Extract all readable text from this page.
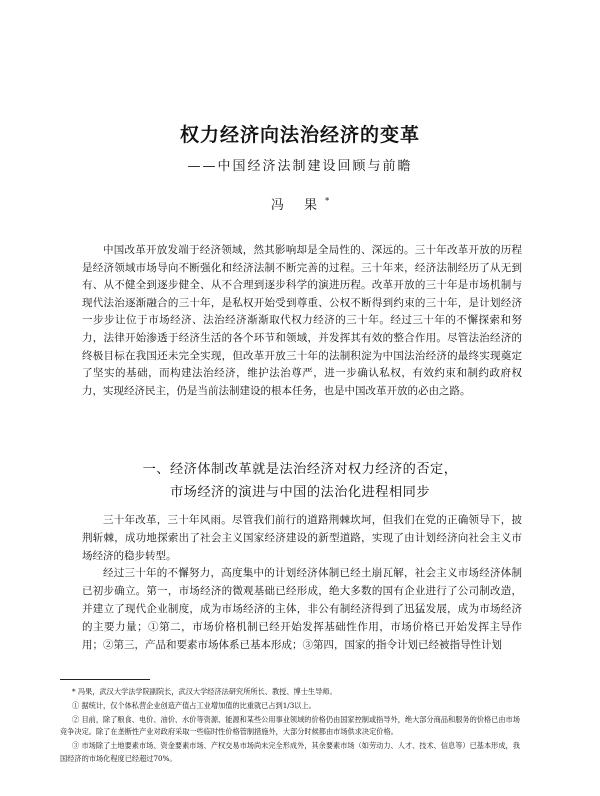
权力经济向法治经济的变革
——中国经济法制建设回顾与前瞻
冯 果*

中国改革开放发端于经济领域，然其影响却是全局性的、深远的。三十年改革开放的历程是经济领域市场导向不断强化和经济法制不断完善的过程。三十年来，经济法制经历了从无到有、从不健全到逐步健全、从不合理到逐步科学的演进历程。改革开放的三十年是市场机制与现代法治逐渐融合的三十年，是私权开始受到尊重、公权不断得到约束的三十年，是计划经济一步步让位于市场经济、法治经济渐渐取代权力经济的三十年。经过三十年的不懈探索和努力，法律开始渗透于经济生活的各个环节和领域，并发挥其有效的整合作用。尽管法治经济的终极目标在我国还未完全实现，但改革开放三十年的法制积淀为中国法治经济的最终实现奠定了坚实的基础，而构建法治经济，维护法治尊严，进一步确认私权，有效约束和制约政府权力，实现经济民主，仍是当前法制建设的根本任务，也是中国改革开放的必由之路。

一、经济体制改革就是法治经济对权力经济的否定，
市场经济的演进与中国的法治化进程相同步

三十年改革，三十年风雨。尽管我们前行的道路荆棘坎坷，但我们在党的正确领导下，披荆斩棘，成功地探索出了社会主义国家经济建设的新型道路，实现了由计划经济向社会主义市场经济的稳步转型。

经过三十年的不懈努力，高度集中的计划经济体制已经土崩瓦解，社会主义市场经济体制已初步确立。第一，市场经济的微观基础已经形成，绝大多数的国有企业进行了公司制改造，并建立了现代企业制度，成为市场经济的主体，非公有制经济得到了迅猛发展，成为市场经济的主要力量；①第二，市场价格机制已经开始发挥基础性作用，市场价格已开始发挥主导作用；②第三，产品和要素市场体系已基本形成；③第四，国家的指令计划已经被指导性计划

* 冯果，武汉大学法学院副院长，武汉大学经济法研究所所长、教授、博士生导师。

① 据统计，仅个体私营企业创造产值占工业增加值的比重就已占到1/3以上。

② 目前，除了粮食、电价、油价、水价等资源、能源和某些公用事业领域的价格仍由国家控制或指导外，绝大部分商品和服务的价格已由市场竞争决定。除了在垄断性产业对政府采取一些临时性价格管制措施外，大部分时候都由市场供求决定价格。

③ 市场除了土地要素市场、资金要素市场、产权交易市场尚未完全形成外，其余要素市场（如劳动力、人才、技术、信息等）已基本形成，我国经济的市场化程度已经超过70%。
